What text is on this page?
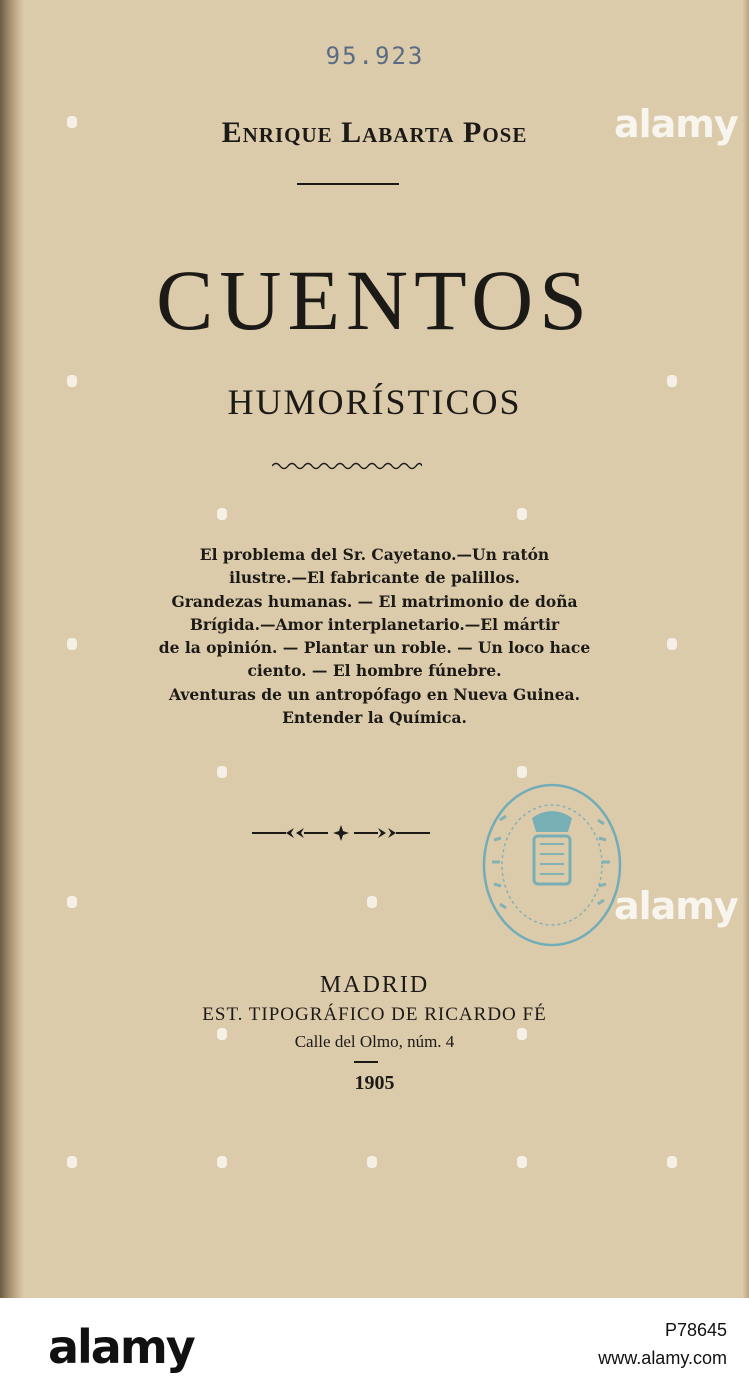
95.923
Enrique Labarta Pose
CUENTOS
HUMORÍSTICOS
El problema del Sr. Cayetano.—Un ratón
ilustre.—El fabricante de palillos.
Grandezas humanas. — El matrimonio de doña
Brígida.—Amor interplanetario.—El mártir
de la opinión. — Plantar un roble. — Un loco hace
ciento. — El hombre fúnebre.
Aventuras de un antropófago en Nueva Guinea.
Entender la Química.
MADRID
EST. TIPOGRÁFICO DE RICARDO FÉ
Calle del Olmo, núm. 4
1905
alamy
alamy
alamy	P78645
www.alamy.com
